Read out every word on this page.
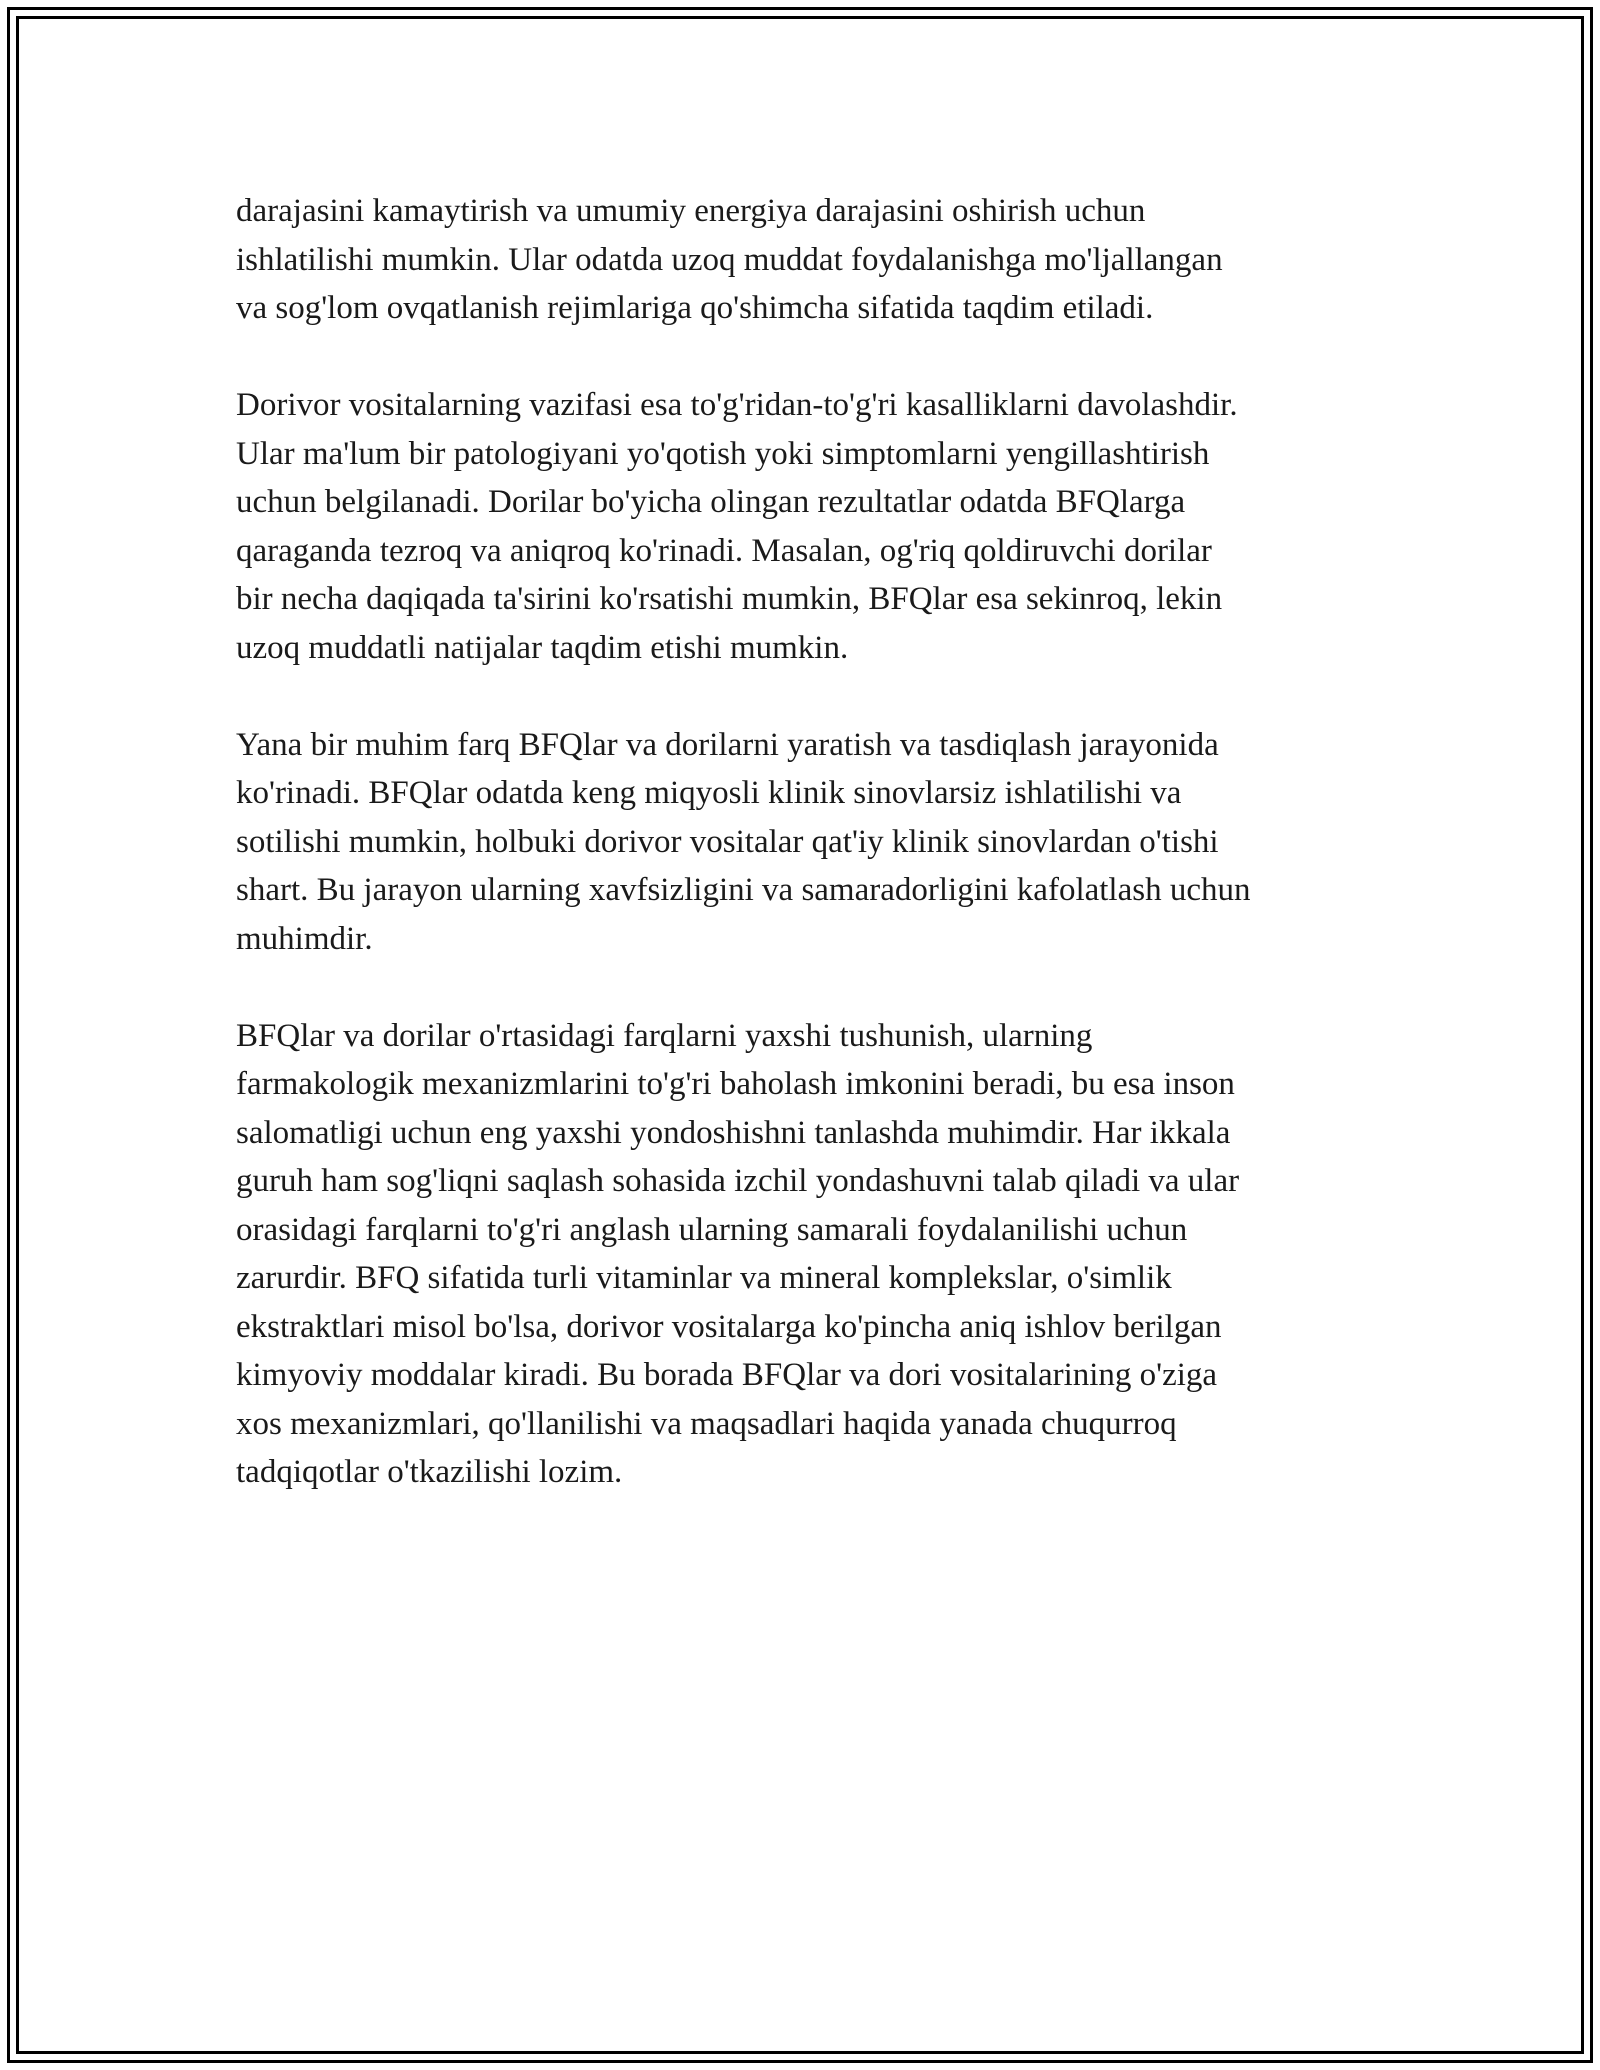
darajasini kamaytirish va umumiy energiya darajasini oshirish uchun
ishlatilishi mumkin. Ular odatda uzoq muddat foydalanishga mo'ljallangan
va sog'lom ovqatlanish rejimlariga qo'shimcha sifatida taqdim etiladi.
Dorivor vositalarning vazifasi esa to'g'ridan-to'g'ri kasalliklarni davolashdir.
Ular ma'lum bir patologiyani yo'qotish yoki simptomlarni yengillashtirish
uchun belgilanadi. Dorilar bo'yicha olingan rezultatlar odatda BFQlarga
qaraganda tezroq va aniqroq ko'rinadi. Masalan, og'riq qoldiruvchi dorilar
bir necha daqiqada ta'sirini ko'rsatishi mumkin, BFQlar esa sekinroq, lekin
uzoq muddatli natijalar taqdim etishi mumkin.
Yana bir muhim farq BFQlar va dorilarni yaratish va tasdiqlash jarayonida
ko'rinadi. BFQlar odatda keng miqyosli klinik sinovlarsiz ishlatilishi va
sotilishi mumkin, holbuki dorivor vositalar qat'iy klinik sinovlardan o'tishi
shart. Bu jarayon ularning xavfsizligini va samaradorligini kafolatlash uchun
muhimdir.
BFQlar va dorilar o'rtasidagi farqlarni yaxshi tushunish, ularning
farmakologik mexanizmlarini to'g'ri baholash imkonini beradi, bu esa inson
salomatligi uchun eng yaxshi yondoshishni tanlashda muhimdir. Har ikkala
guruh ham sog'liqni saqlash sohasida izchil yondashuvni talab qiladi va ular
orasidagi farqlarni to'g'ri anglash ularning samarali foydalanilishi uchun
zarurdir. BFQ sifatida turli vitaminlar va mineral komplekslar, o'simlik
ekstraktlari misol bo'lsa, dorivor vositalarga ko'pincha aniq ishlov berilgan
kimyoviy moddalar kiradi. Bu borada BFQlar va dori vositalarining o'ziga
xos mexanizmlari, qo'llanilishi va maqsadlari haqida yanada chuqurroq
tadqiqotlar o'tkazilishi lozim.
